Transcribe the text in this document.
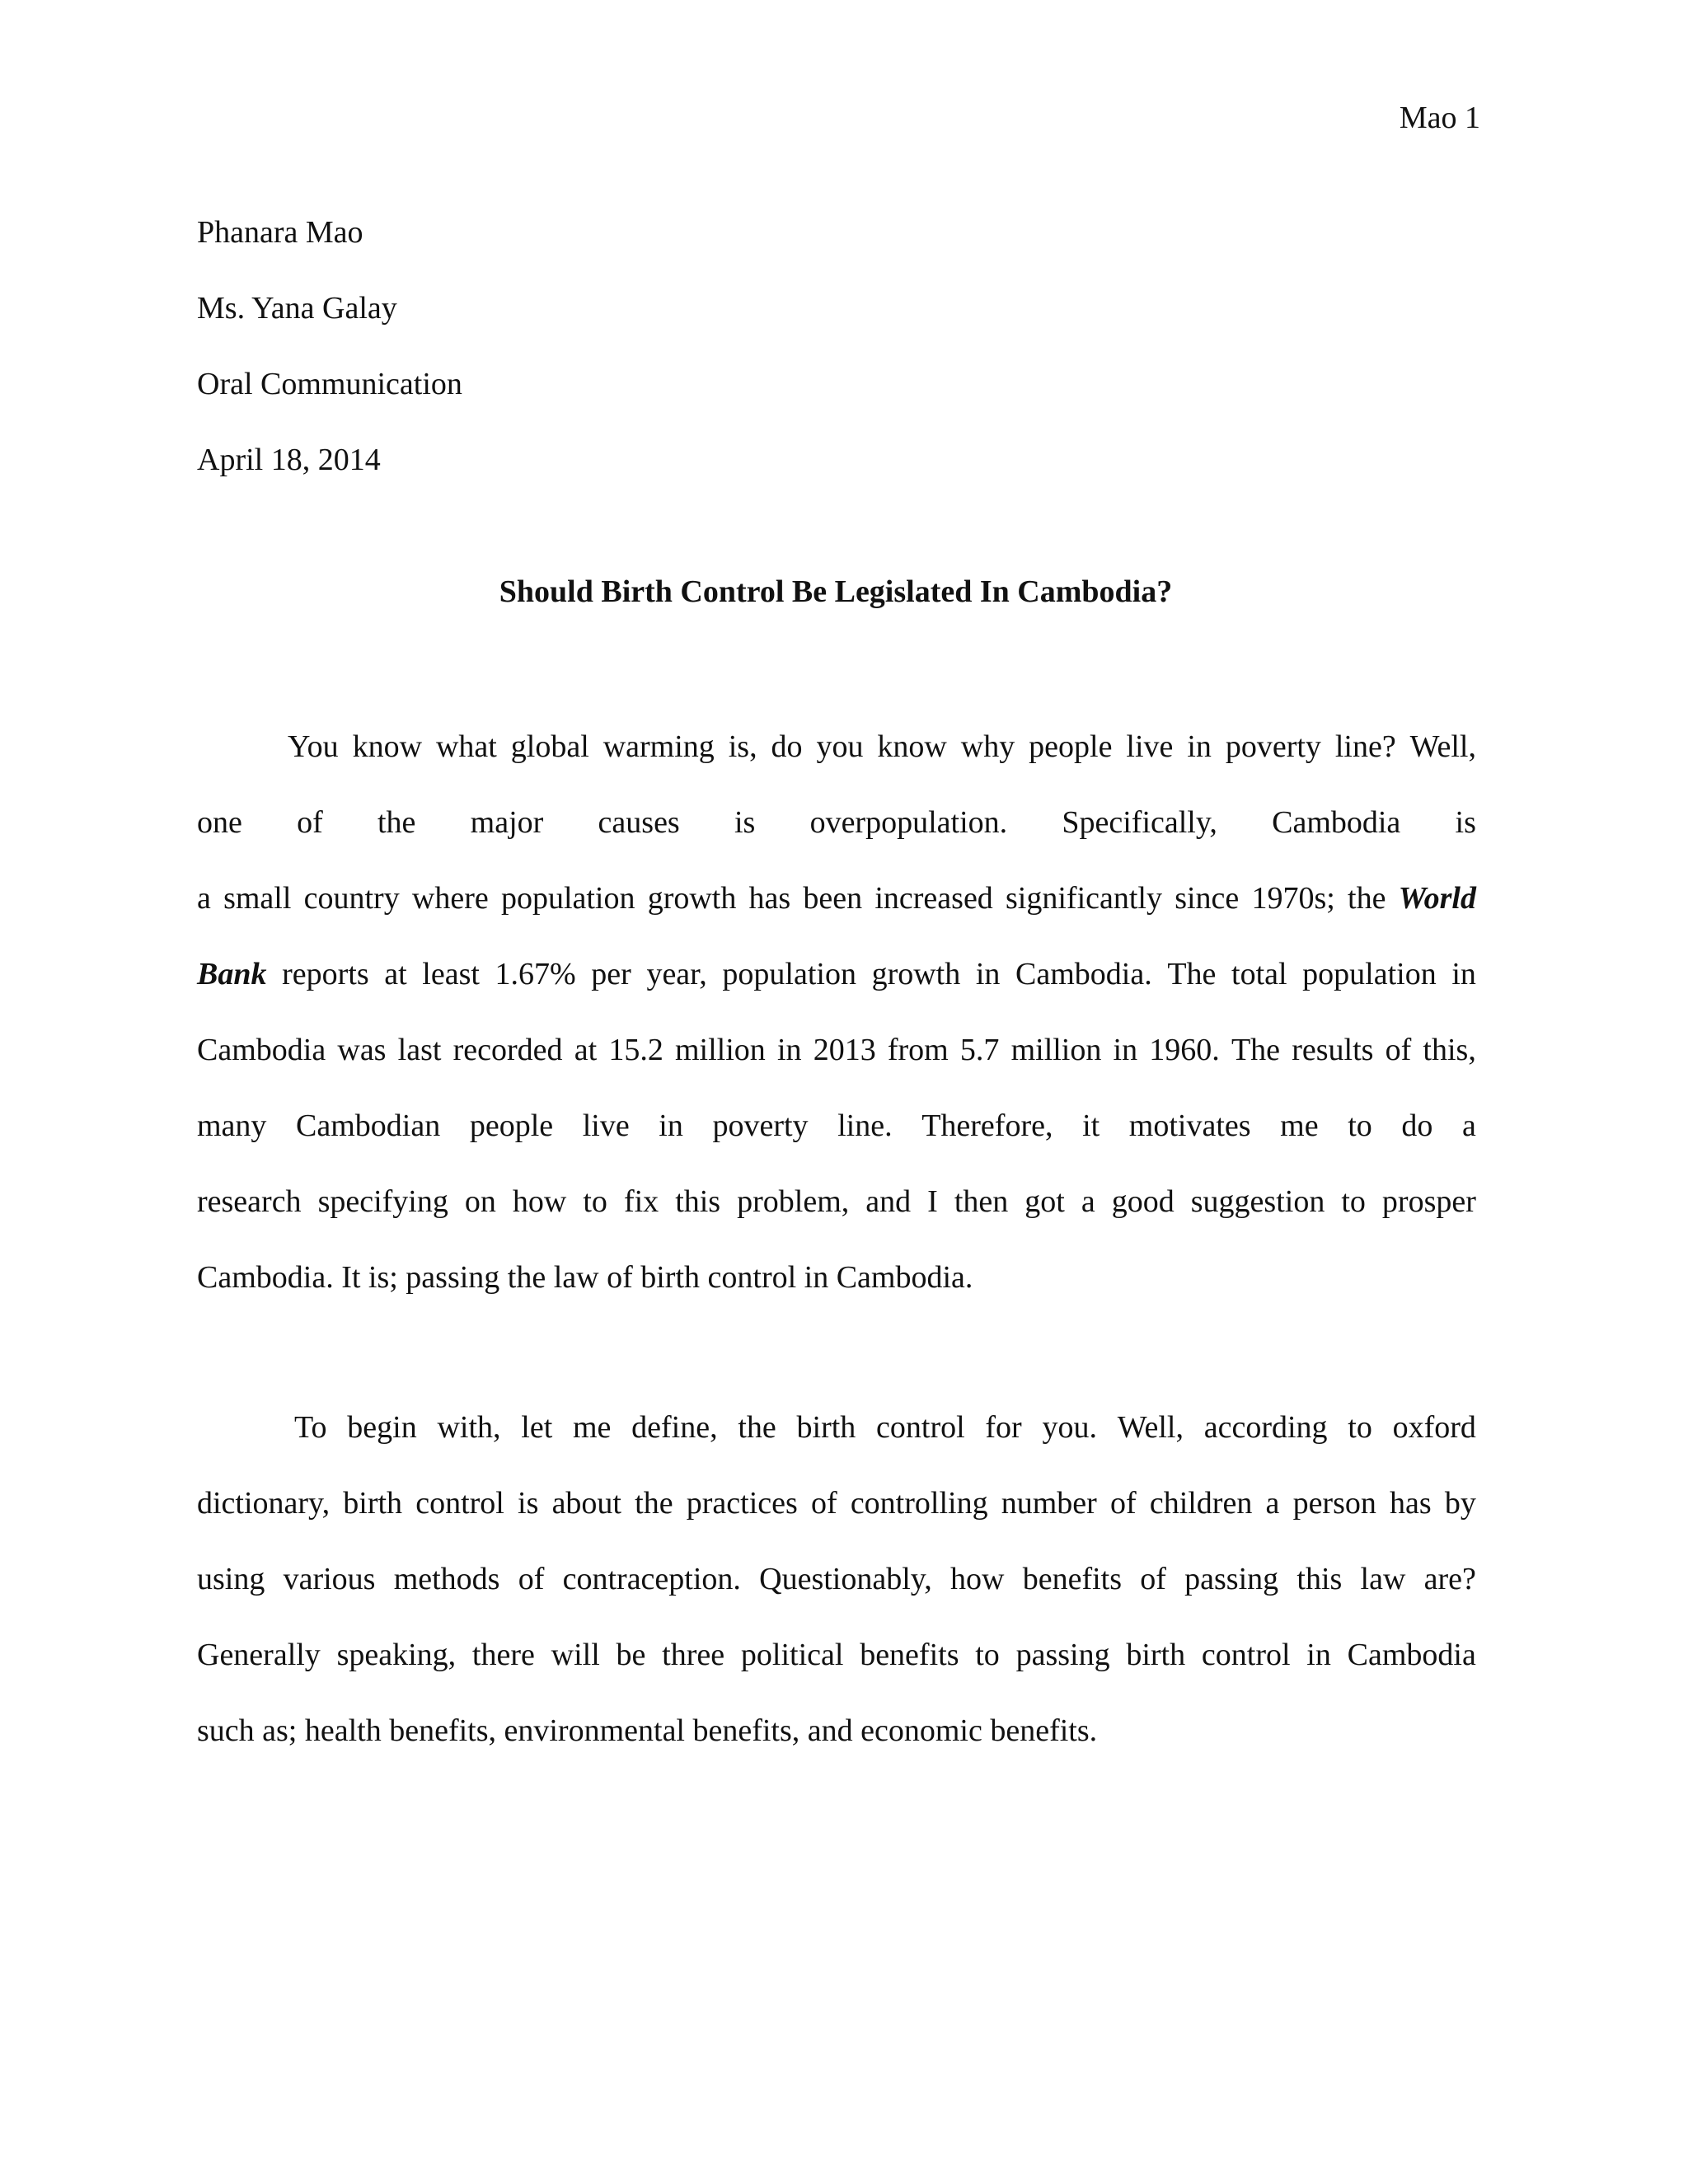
Mao 1
Phanara Mao
Ms. Yana Galay
Oral Communication
April 18, 2014
Should Birth Control Be Legislated In Cambodia?
You know what global warming is, do you know why people live in poverty line? Well,
one of the major causes is overpopulation. Specifically, Cambodia is
a small country where population growth has been increased significantly since 1970s; the World
Bank reports at least 1.67% per year, population growth in Cambodia. The total population in
Cambodia was last recorded at 15.2 million in 2013 from 5.7 million in 1960. The results of this,
many Cambodian people live in poverty line. Therefore, it motivates me to do a
research specifying on how to fix this problem, and I then got a good suggestion to prosper
Cambodia. It is; passing the law of birth control in Cambodia.
To begin with, let me define, the birth control for you. Well, according to oxford
dictionary, birth control is about the practices of controlling number of children a person has by
using various methods of contraception. Questionably, how benefits of passing this law are?
Generally speaking, there will be three political benefits to passing birth control in Cambodia
such as; health benefits, environmental benefits, and economic benefits.
